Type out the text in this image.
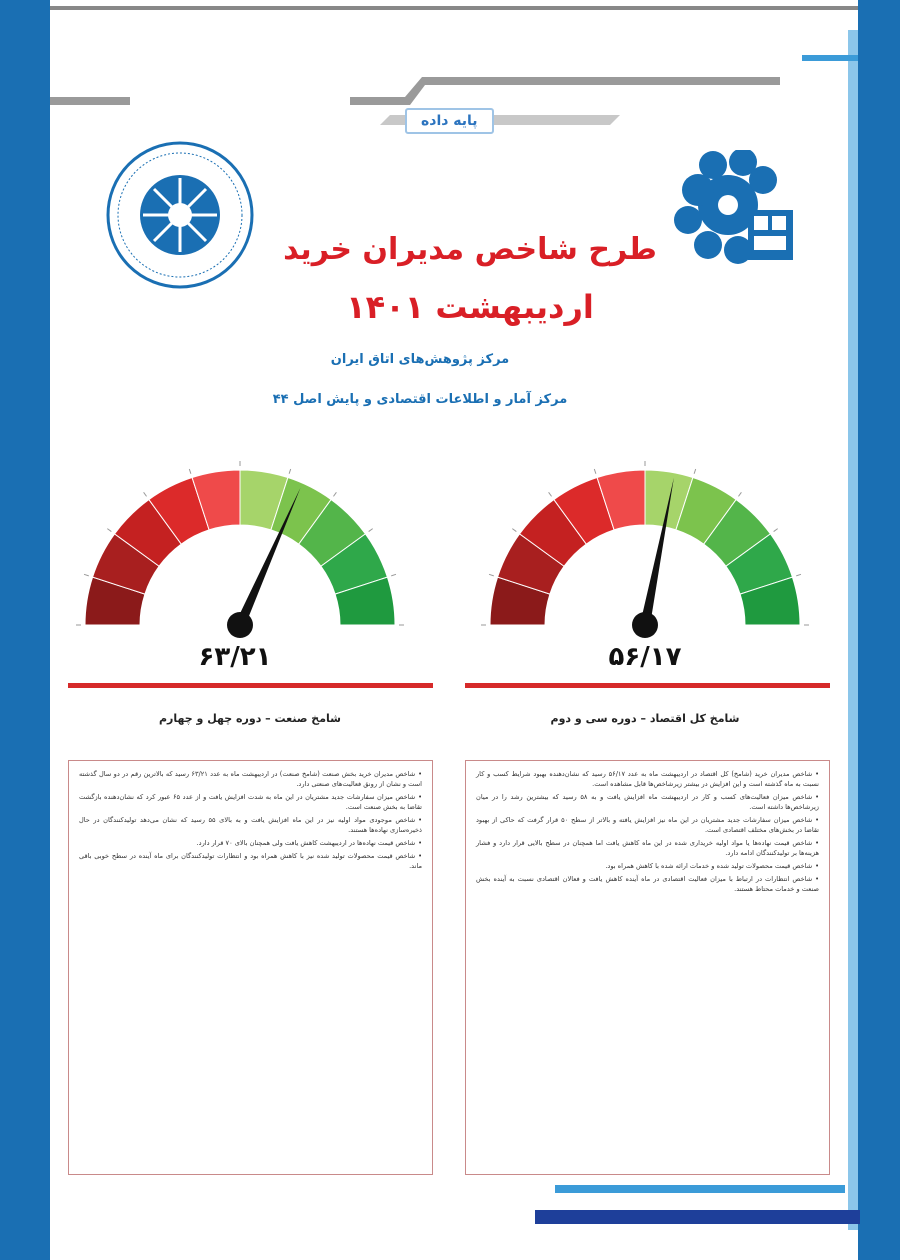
پایه داده
طرح شاخص مدیران خرید
اردیبهشت ۱۴۰۱
مرکز پژوهش‌های اتاق ایران
مرکز آمار و اطلاعات اقتصادی و پایش اصل ۴۴
۶۳/۲۱	۵۶/۱۷
شامخ صنعت – دوره چهل و چهارم	شامخ کل اقتصاد – دوره سی و دوم
• شاخص مدیران خرید بخش صنعت (شامخ صنعت) در اردیبهشت ماه به عدد ۶۳/۲۱ رسید که بالاترین رقم در دو سال گذشته است و نشان از رونق فعالیت‌های صنعتی دارد.
• شاخص میزان سفارشات جدید مشتریان در این ماه به شدت افزایش یافت و از عدد ۶۵ عبور کرد که نشان‌دهنده بازگشت تقاضا به بخش صنعت است.
• شاخص موجودی مواد اولیه نیز در این ماه افزایش یافت و به بالای ۵۵ رسید که نشان می‌دهد تولیدکنندگان در حال ذخیره‌سازی نهاده‌ها هستند.
• شاخص قیمت نهاده‌ها در اردیبهشت کاهش یافت ولی همچنان بالای ۷۰ قرار دارد.
• شاخص قیمت محصولات تولید شده نیز با کاهش همراه بود و انتظارات تولیدکنندگان برای ماه آینده در سطح خوبی باقی ماند.
• شاخص مدیران خرید (شامخ) کل اقتصاد در اردیبهشت ماه به عدد ۵۶/۱۷ رسید که نشان‌دهنده بهبود شرایط کسب و کار نسبت به ماه گذشته است و این افزایش در بیشتر زیرشاخص‌ها قابل مشاهده است.
• شاخص میزان فعالیت‌های کسب و کار در اردیبهشت ماه افزایش یافت و به ۵۸ رسید که بیشترین رشد را در میان زیرشاخص‌ها داشته است.
• شاخص میزان سفارشات جدید مشتریان در این ماه نیز افزایش یافته و بالاتر از سطح ۵۰ قرار گرفت که حاکی از بهبود تقاضا در بخش‌های مختلف اقتصادی است.
• شاخص قیمت نهاده‌ها یا مواد اولیه خریداری شده در این ماه کاهش یافت اما همچنان در سطح بالایی قرار دارد و فشار هزینه‌ها بر تولیدکنندگان ادامه دارد.
• شاخص قیمت محصولات تولید شده و خدمات ارائه شده با کاهش همراه بود.
• شاخص انتظارات در ارتباط با میزان فعالیت اقتصادی در ماه آینده کاهش یافت و فعالان اقتصادی نسبت به آینده بخش صنعت و خدمات محتاط هستند.
